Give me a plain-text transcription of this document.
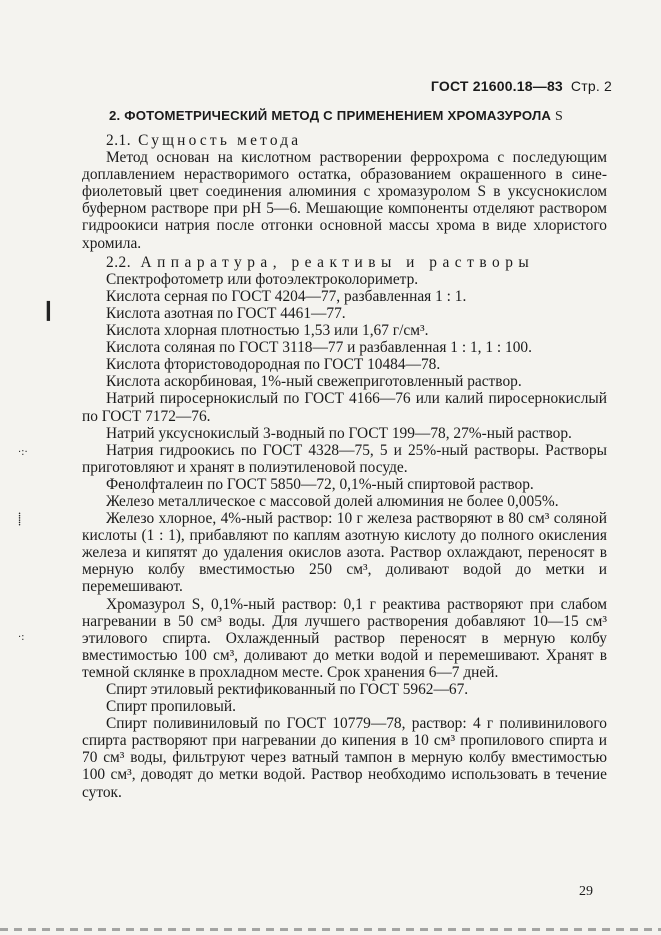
ГОСТ 21600.18—83 Стр. 2
2. ФОТОМЕТРИЧЕСКИЙ МЕТОД С ПРИМЕНЕНИЕМ ХРОМАЗУРОЛА S

2.1. Сущность метода

Метод основан на кислотном растворении феррохрома с последующим доплавлением нерастворимого остатка, образованием окрашенного в сине-фиолетовый цвет соединения алюминия с хромазуролом S в уксуснокислом буферном растворе при pH 5—6. Мешающие компоненты отделяют раствором гидроокиси натрия после отгонки основной массы хрома в виде хлористого хромила.

2.2. Аппаратура, реактивы и растворы

Спектрофотометр или фотоэлектроколориметр.

Кислота серная по ГОСТ 4204—77, разбавленная 1 : 1.

Кислота азотная по ГОСТ 4461—77.

Кислота хлорная плотностью 1,53 или 1,67 г/см³.

Кислота соляная по ГОСТ 3118—77 и разбавленная 1 : 1, 1 : 100.

Кислота фтористоводородная по ГОСТ 10484—78.

Кислота аскорбиновая, 1%-ный свежеприготовленный раствор.

Натрий пиросернокислый по ГОСТ 4166—76 или калий пиросернокислый по ГОСТ 7172—76.

Натрий уксуснокислый 3-водный по ГОСТ 199—78, 27%-ный раствор.

Натрия гидроокись по ГОСТ 4328—75, 5 и 25%-ный растворы. Растворы приготовляют и хранят в полиэтиленовой посуде.

Фенолфталеин по ГОСТ 5850—72, 0,1%-ный спиртовой раствор.

Железо металлическое с массовой долей алюминия не более 0,005%.

Железо хлорное, 4%-ный раствор: 10 г железа растворяют в 80 см³ соляной кислоты (1 : 1), прибавляют по каплям азотную кислоту до полного окисления железа и кипятят до удаления окислов азота. Раствор охлаждают, переносят в мерную колбу вместимостью 250 см³, доливают водой до метки и перемешивают.

Хромазурол S, 0,1%-ный раствор: 0,1 г реактива растворяют при слабом нагревании в 50 см³ воды. Для лучшего растворения добавляют 10—15 см³ этилового спирта. Охлажденный раствор переносят в мерную колбу вместимостью 100 см³, доливают до метки водой и перемешивают. Хранят в темной склянке в прохладном месте. Срок хранения 6—7 дней.

Спирт этиловый ректификованный по ГОСТ 5962—67.

Спирт пропиловый.

Спирт поливиниловый по ГОСТ 10779—78, раствор: 4 г поливинилового спирта растворяют при нагревании до кипения в 10 см³ пропилового спирта и 70 см³ воды, фильтруют через ватный тампон в мерную колбу вместимостью 100 см³, доводят до метки водой. Раствор необходимо использовать в течение суток.

29
❙
·:·
⸽
·:
